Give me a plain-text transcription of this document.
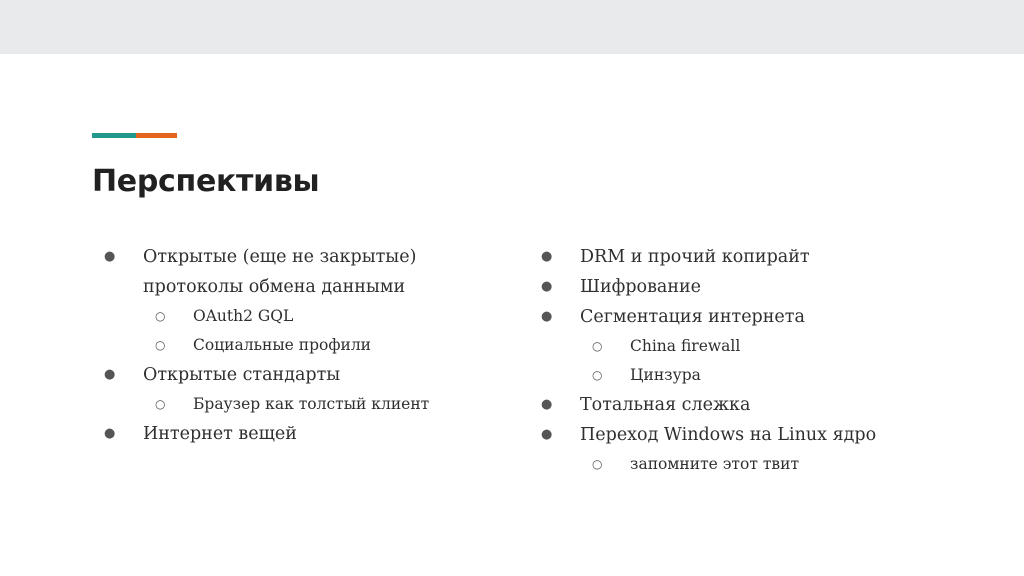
Перспективы
● Открытые (еще не закрытые) протоколы обмена данными
○ OAuth2 GQL
○ Социальные профили
● Открытые стандарты
○ Браузер как толстый клиент
● Интернет вещей
● DRM и прочий копирайт
● Шифрование
● Сегментация интернета
○ China firewall
○ Цинзура
● Тотальная слежка
● Переход Windows на Linux ядро
○ запомните этот твит
